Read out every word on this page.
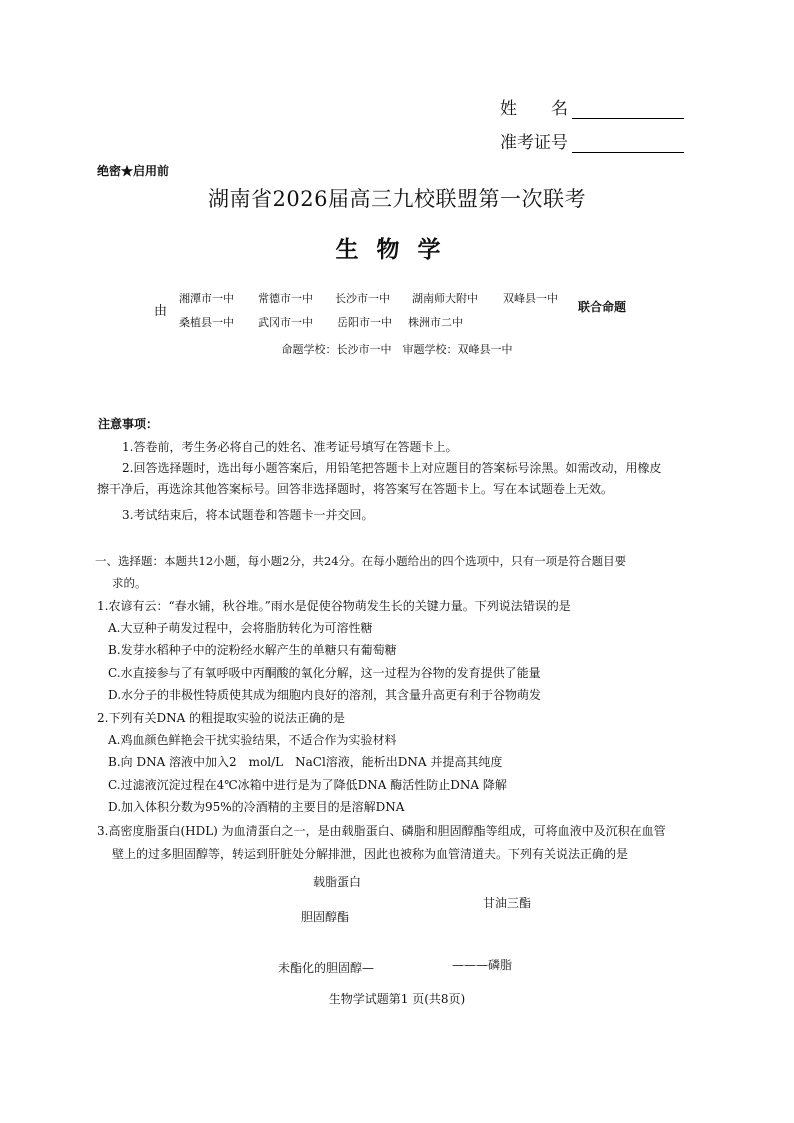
姓　　名
准考证号
绝密★启用前
湖南省2026届高三九校联盟第一次联考
生物学
由
湘潭市一中 常德市一中 长沙市一中 湖南师大附中 双峰县一中
桑植县一中 武冈市一中 岳阳市一中 株洲市二中
联合命题
命题学校：长沙市一中　审题学校：双峰县一中
注意事项：
1.答卷前，考生务必将自己的姓名、准考证号填写在答题卡上。
2.回答选择题时，选出每小题答案后，用铅笔把答题卡上对应题目的答案标号涂黑。如需改动，用橡皮
擦干净后，再选涂其他答案标号。回答非选择题时，将答案写在答题卡上。写在本试题卷上无效。
3.考试结束后，将本试题卷和答题卡一并交回。
一、选择题：本题共12小题，每小题2分，共24分。在每小题给出的四个选项中，只有一项是符合题目要
求的。
1.农谚有云：“春水铺，秋谷堆。”雨水是促使谷物萌发生长的关键力量。下列说法错误的是
A.大豆种子萌发过程中，会将脂肪转化为可溶性糖
B.发芽水稻种子中的淀粉经水解产生的单糖只有葡萄糖
C.水直接参与了有氧呼吸中丙酮酸的氧化分解，这一过程为谷物的发育提供了能量
D.水分子的非极性特质使其成为细胞内良好的溶剂，其含量升高更有利于谷物萌发
2.下列有关DNA 的粗提取实验的说法正确的是
A.鸡血颜色鲜艳会干扰实验结果，不适合作为实验材料
B.向 DNA 溶液中加入2　mol/L　NaCl溶液，能析出DNA 并提高其纯度
C.过滤液沉淀过程在4℃冰箱中进行是为了降低DNA 酶活性防止DNA 降解
D.加入体积分数为95%的冷酒精的主要目的是溶解DNA
3.高密度脂蛋白(HDL) 为血清蛋白之一，是由载脂蛋白、磷脂和胆固醇酯等组成，可将血液中及沉积在血管
壁上的过多胆固醇等，转运到肝脏处分解排泄，因此也被称为血管清道夫。下列有关说法正确的是
载脂蛋白
甘油三酯
胆固醇酯
未酯化的胆固醇—	———磷脂
生物学试题第1 页(共8页)
